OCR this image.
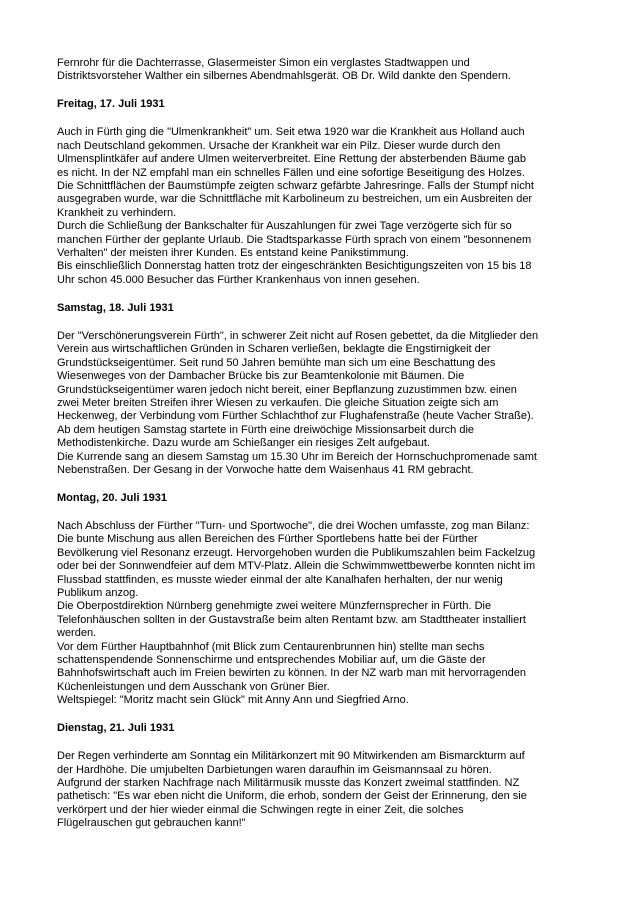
Fernrohr für die Dachterrasse, Glasermeister Simon ein verglastes Stadtwappen und
Distriktsvorsteher Walther ein silbernes Abendmahlsgerät. OB Dr. Wild dankte den Spendern.

Freitag, 17. Juli 1931

Auch in Fürth ging die "Ulmenkrankheit" um. Seit etwa 1920 war die Krankheit aus Holland auch
nach Deutschland gekommen. Ursache der Krankheit war ein Pilz. Dieser wurde durch den
Ulmensplintkäfer auf andere Ulmen weiterverbreitet. Eine Rettung der absterbenden Bäume gab
es nicht. In der NZ empfahl man ein schnelles Fällen und eine sofortige Beseitigung des Holzes.
Die Schnittflächen der Baumstümpfe zeigten schwarz gefärbte Jahresringe. Falls der Stumpf nicht
ausgegraben wurde, war die Schnittfläche mit Karbolineum zu bestreichen, um ein Ausbreiten der
Krankheit zu verhindern.
Durch die Schließung der Bankschalter für Auszahlungen für zwei Tage verzögerte sich für so
manchen Fürther der geplante Urlaub. Die Stadtsparkasse Fürth sprach von einem "besonnenem
Verhalten" der meisten ihrer Kunden. Es entstand keine Panikstimmung.
Bis einschließlich Donnerstag hatten trotz der eingeschränkten Besichtigungszeiten von 15 bis 18
Uhr schon 45.000 Besucher das Fürther Krankenhaus von innen gesehen.

Samstag, 18. Juli 1931

Der "Verschönerungsverein Fürth", in schwerer Zeit nicht auf Rosen gebettet, da die Mitglieder den
Verein aus wirtschaftlichen Gründen in Scharen verließen, beklagte die Engstirnigkeit der
Grundstückseigentümer. Seit rund 50 Jahren bemühte man sich um eine Beschattung des
Wiesenweges von der Dambacher Brücke bis zur Beamtenkolonie mit Bäumen. Die
Grundstückseigentümer waren jedoch nicht bereit, einer Bepflanzung zuzustimmen bzw. einen
zwei Meter breiten Streifen ihrer Wiesen zu verkaufen. Die gleiche Situation zeigte sich am
Heckenweg, der Verbindung vom Fürther Schlachthof zur Flughafenstraße (heute Vacher Straße).
Ab dem heutigen Samstag startete in Fürth eine dreiwöchige Missionsarbeit durch die
Methodistenkirche. Dazu wurde am Schießanger ein riesiges Zelt aufgebaut.
Die Kurrende sang an diesem Samstag um 15.30 Uhr im Bereich der Hornschuchpromenade samt
Nebenstraßen. Der Gesang in der Vorwoche hatte dem Waisenhaus 41 RM gebracht.

Montag, 20. Juli 1931

Nach Abschluss der Fürther "Turn- und Sportwoche", die drei Wochen umfasste, zog man Bilanz:
Die bunte Mischung aus allen Bereichen des Fürther Sportlebens hatte bei der Fürther
Bevölkerung viel Resonanz erzeugt. Hervorgehoben wurden die Publikumszahlen beim Fackelzug
oder bei der Sonnwendfeier auf dem MTV-Platz. Allein die Schwimmwettbewerbe konnten nicht im
Flussbad stattfinden, es musste wieder einmal der alte Kanalhafen herhalten, der nur wenig
Publikum anzog.
Die Oberpostdirektion Nürnberg genehmigte zwei weitere Münzfernsprecher in Fürth. Die
Telefonhäuschen sollten in der Gustavstraße beim alten Rentamt bzw. am Stadttheater installiert
werden.
Vor dem Fürther Hauptbahnhof (mit Blick zum Centaurenbrunnen hin) stellte man sechs
schattenspendende Sonnenschirme und entsprechendes Mobiliar auf, um die Gäste der
Bahnhofswirtschaft auch im Freien bewirten zu können. In der NZ warb man mit hervorragenden
Küchenleistungen und dem Ausschank von Grüner Bier.
Weltspiegel: "Moritz macht sein Glück" mit Anny Ann und Siegfried Arno.

Dienstag, 21. Juli 1931

Der Regen verhinderte am Sonntag ein Militärkonzert mit 90 Mitwirkenden am Bismarckturm auf
der Hardhöhe. Die umjubelten Darbietungen waren daraufhin im Geismannsaal zu hören.
Aufgrund der starken Nachfrage nach Militärmusik musste das Konzert zweimal stattfinden. NZ
pathetisch: "Es war eben nicht die Uniform, die erhob, sondern der Geist der Erinnerung, den sie
verkörpert und der hier wieder einmal die Schwingen regte in einer Zeit, die solches
Flügelrauschen gut gebrauchen kann!"
